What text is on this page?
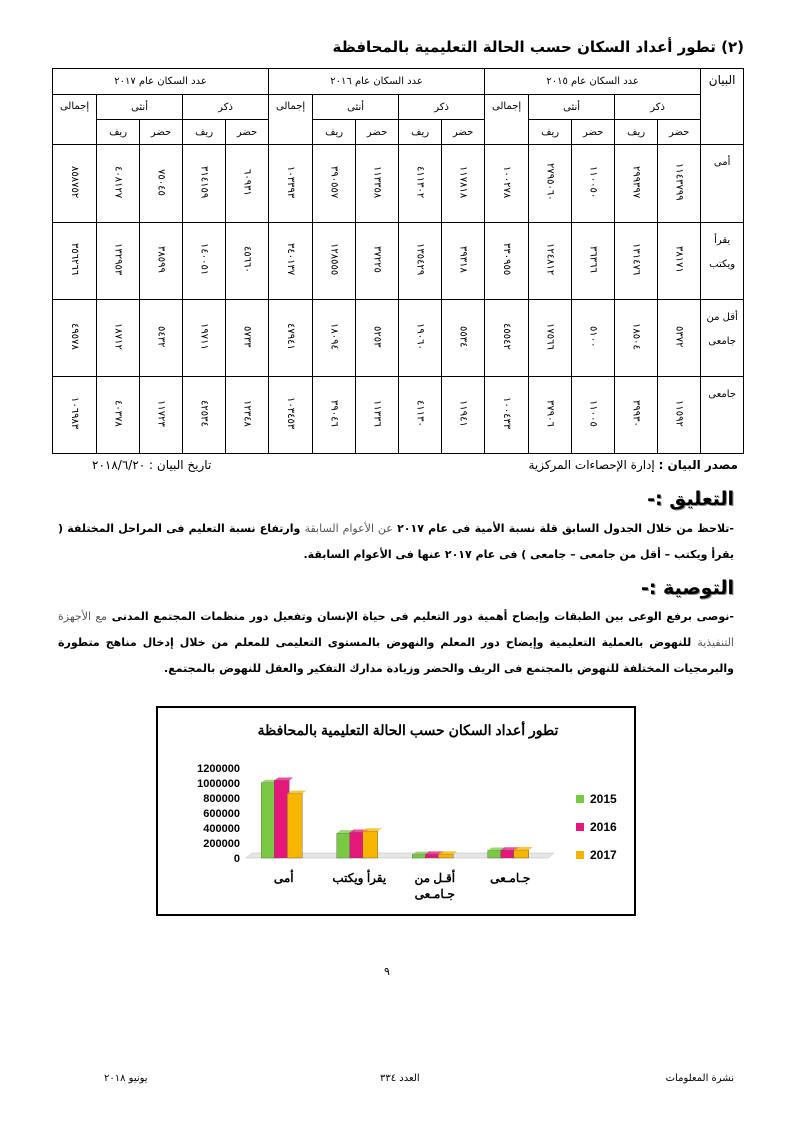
(٢) تطور أعداد السكان حسب الحالة التعليمية بالمحافظة
البيان	عدد السكان عام ٢٠١٥					عدد السكان عام ٢٠١٦					عدد السكان عام ٢٠١٧				
	ذكر		أنثى		إجمالى	ذكر		أنثى		إجمالى	ذكر		أنثى		إجمالى
	حضر	ريف	حضر	ريف		حضر	ريف	حضر	ريف		حضر	ريف	حضر	ريف	
أمى	١١٤٣٧٩٩	٢٩٩٣٩٧	١١٠٠٥٠	٢٧٩٥٠٦٠	١٠٠٢٧٨	١١٧٨١٨	٤١١٣٠٢	١١٣٣٥٨	٣٩٠٥٥٧	١٠٣٣٩٣	٦٠٩٣١	٣١٤١٥٩	٧٥٠٤٥	٤٠٨١٢٧	٨٥٨٧٥٢
يقرأ ويكتب	٣٨١٧١	١٣١٤٧٦	٣٦٣٦٦	١٢٤٨١٢	٣٣٠٩٥٥	٣٩٣١٨	١٣٥٤٢٩	٣٧٢٢٥	١٢٨٥٥٥	٣٤٠١٣٧	٤٥٦٦٠	١٤٠٠٥١	٣٨٥٩٩	١٣٢٩٥٣	٣٥٦٢٦٦
أقل من جامعى	٥٣٧٢	١٨٥٠٤	٥١٠٠	١٧٥٦٦	٤٥٥٤٢	٥٥٣٤	١٩٠٦٠	٥٢٥٣	١٨٠٩٤	٤٧٩٤١	٥٧٣٣	١٩٧١١	٥٤٣٢	١٨٧١٢	٤٩٥٧٨
جامعى	١١٥٩٢	٣٩٩٣٠	١١٠٠٥	٣٧٩٠٦	١٠٠٤٣٣	١١٩٤١	٤١١٣٠	١١٣٣٦	٣٩٠٤٦	١٠٣٤٥٣	١٢٣٤٨	٤٢٥٣٤	١١٧٢٣	٤٠٣٧٨	١٠٦٩٨٣
مصدر البيان : إدارة الإحصاءات المركزية
تاريخ البيان : ٢٠١٨/٦/٢٠
التعليق :-
-تلاحظ من خلال الجدول السابق قلة نسبة الأمية فى عام ٢٠١٧ عن الأعوام السابقة وارتفاع نسبة التعليم فى المراحل المختلفة ( يقرأ ويكتب – أقل من جامعى – جامعى ) فى عام ٢٠١٧ عنها فى الأعوام السابقة.
التوصية :-
-نوصى برفع الوعى بين الطبقات وإيضاح أهمية دور التعليم فى حياة الإنسان وتفعيل دور منظمات المجتمع المدنى مع الأجهزة التنفيذية للنهوض بالعملية التعليمية وإيضاح دور المعلم والنهوض بالمستوى التعليمى للمعلم من خلال إدخال مناهج متطورة والبرمجيات المختلفة للنهوض بالمجتمع فى الريف والحضر وزيادة مدارك التفكير والعقل للنهوض بالمجتمع.
تطور أعداد السكان حسب الحالة التعليمية بالمحافظة
1200000
1000000
800000
600000
400000
200000
0
أمى	يقرأ ويكتب أقـل من جـامـعى
جـامـعى
2015
2016
2017
٩
يونيو ٢٠١٨	العدد ٣٣٤	نشرة المعلومات
